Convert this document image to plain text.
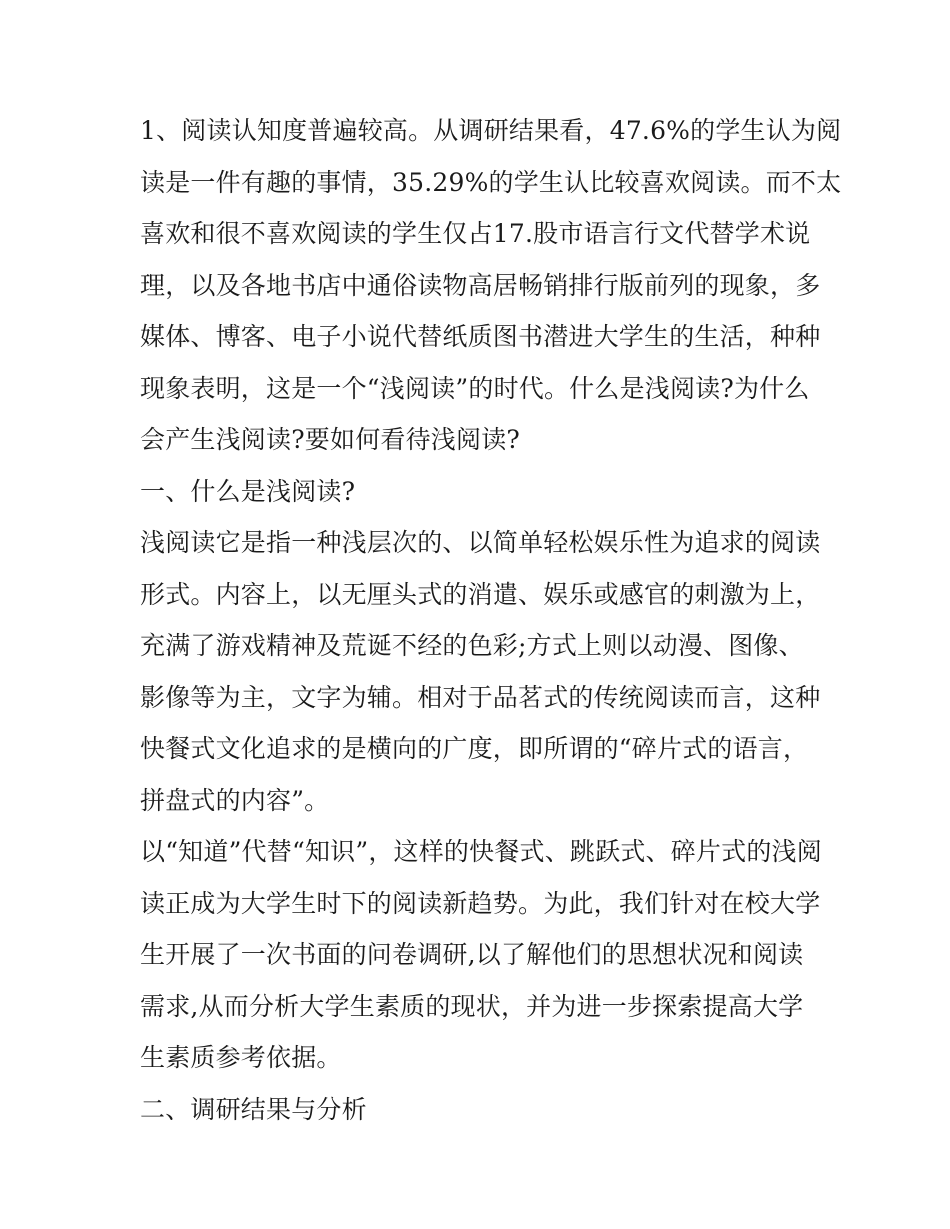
1、阅读认知度普遍较高。从调研结果看，47.6%的学生认为阅
读是一件有趣的事情，35.29%的学生认比较喜欢阅读。而不太
喜欢和很不喜欢阅读的学生仅占17.股市语言行文代替学术说
理，以及各地书店中通俗读物高居畅销排行版前列的现象，多
媒体、博客、电子小说代替纸质图书潜进大学生的生活，种种
现象表明，这是一个“浅阅读”的时代。什么是浅阅读?为什么
会产生浅阅读?要如何看待浅阅读?
一、什么是浅阅读?
浅阅读它是指一种浅层次的、以简单轻松娱乐性为追求的阅读
形式。内容上，以无厘头式的消遣、娱乐或感官的刺激为上，
充满了游戏精神及荒诞不经的色彩;方式上则以动漫、图像、
影像等为主，文字为辅。相对于品茗式的传统阅读而言，这种
快餐式文化追求的是横向的广度，即所谓的“碎片式的语言，
拼盘式的内容”。
以“知道”代替“知识”，这样的快餐式、跳跃式、碎片式的浅阅
读正成为大学生时下的阅读新趋势。为此，我们针对在校大学
生开展了一次书面的问卷调研,以了解他们的思想状况和阅读
需求,从而分析大学生素质的现状，并为进一步探索提高大学
生素质参考依据。
二、调研结果与分析
